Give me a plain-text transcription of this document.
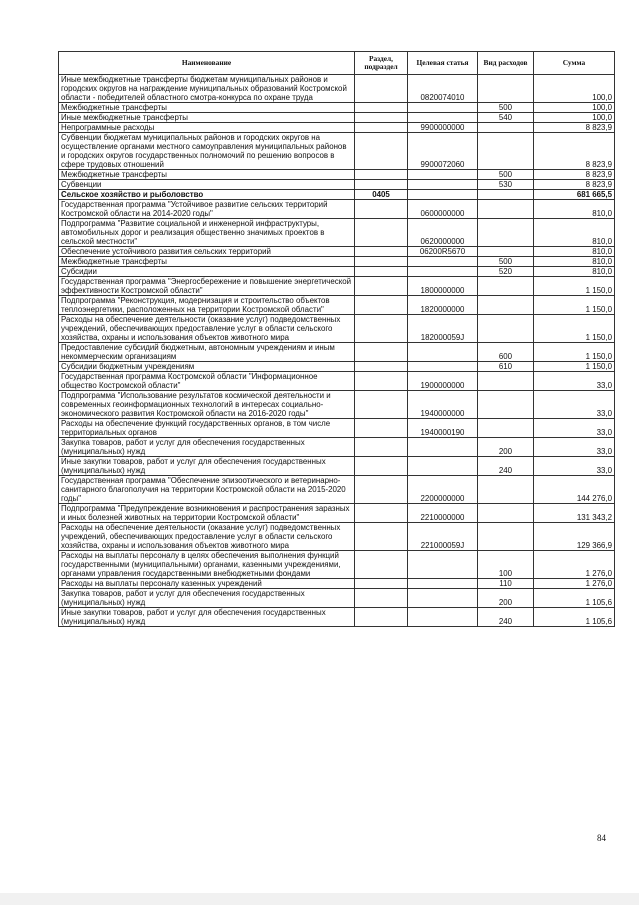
Наименование	Раздел, подраздел	Целевая статья	Вид расходов	Сумма
Иные межбюджетные трансферты бюджетам муниципальных районов и городских округов на награждение муниципальных образований Костромской области - победителей областного смотра-конкурса по охране труда		0820074010		100,0
Межбюджетные трансферты			500	100,0
Иные межбюджетные трансферты			540	100,0
Непрограммные расходы		9900000000		8 823,9
Субвенции бюджетам муниципальных районов и городских округов на осуществление органами местного самоуправления муниципальных районов и городских округов государственных полномочий по решению вопросов в сфере трудовых отношений		9900072060		8 823,9
Межбюджетные трансферты			500	8 823,9
Субвенции			530	8 823,9
Сельское хозяйство и рыболовство	0405			681 665,5
Государственная программа "Устойчивое развитие сельских территорий Костромской области на 2014-2020 годы"		0600000000		810,0
Подпрограмма "Развитие социальной и инженерной инфраструктуры, автомобильных дорог и реализация общественно значимых проектов в сельской местности"		0620000000		810,0
Обеспечение устойчивого развития сельских территорий		06200R5670		810,0
Межбюджетные трансферты			500	810,0
Субсидии			520	810,0
Государственная программа "Энергосбережение и повышение энергетической эффективности Костромской области"		1800000000		1 150,0
Подпрограмма "Реконструкция, модернизация и строительство объектов теплоэнергетики, расположенных на территории Костромской области"		1820000000		1 150,0
Расходы на обеспечение деятельности (оказание услуг) подведомственных учреждений, обеспечивающих предоставление услуг в области сельского хозяйства, охраны и использования объектов животного мира		182000059J		1 150,0
Предоставление субсидий бюджетным, автономным учреждениям и иным некоммерческим организациям			600	1 150,0
Субсидии бюджетным учреждениям			610	1 150,0
Государственная программа Костромской области "Информационное общество Костромской области"		1900000000		33,0
Подпрограмма "Использование результатов космической деятельности и современных геоинформационных технологий в интересах социально-экономического развития Костромской области на 2016-2020 годы"		1940000000		33,0
Расходы на обеспечение функций государственных органов, в том числе территориальных органов		1940000190		33,0
Закупка товаров, работ и услуг для обеспечения государственных (муниципальных) нужд			200	33,0
Иные закупки товаров, работ и услуг для обеспечения государственных (муниципальных) нужд			240	33,0
Государственная программа "Обеспечение эпизоотического и ветеринарно-санитарного благополучия на территории Костромской области на 2015-2020 годы"		2200000000		144 276,0
Подпрограмма "Предупреждение возникновения и распространения заразных и иных болезней животных на территории Костромской области"		2210000000		131 343,2
Расходы на обеспечение деятельности (оказание услуг) подведомственных учреждений, обеспечивающих предоставление услуг в области сельского хозяйства, охраны и использования объектов животного мира		221000059J		129 366,9
Расходы на выплаты персоналу в целях обеспечения выполнения функций государственными (муниципальными) органами, казенными учреждениями, органами управления государственными внебюджетными фондами			100	1 276,0
Расходы на выплаты персоналу казенных учреждений			110	1 276,0
Закупка товаров, работ и услуг для обеспечения государственных (муниципальных) нужд			200	1 105,6
Иные закупки товаров, работ и услуг для обеспечения государственных (муниципальных) нужд			240	1 105,6
84
